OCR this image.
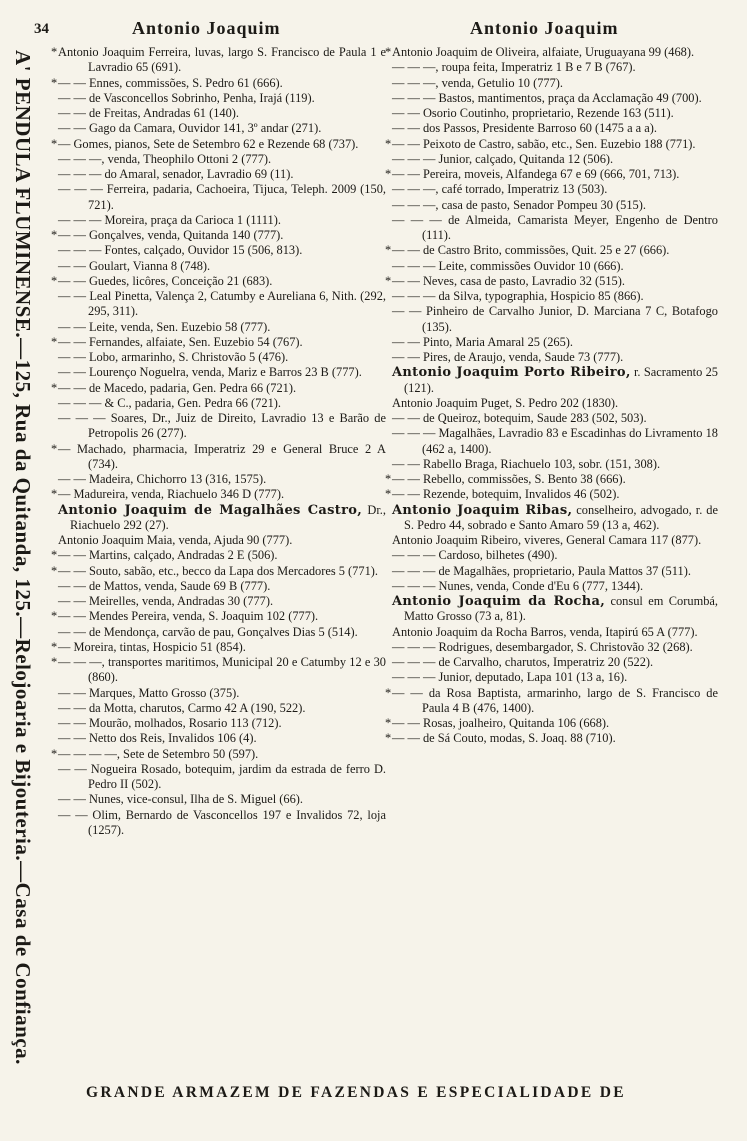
34	Antonio Joaquim	Antonio Joaquim
A' PENDULA FLUMINENSE.—125, Rua da Quitanda, 125.—Relojoaria e Bijouteria.—Casa de Confiança.
*	Antonio Joaquim Ferreira, luvas, largo S. Francisco de Paula 1 e Lavradio 65 (691).
* — — Ennes, commissões, S. Pedro 61 (666).
— — de Vasconcellos Sobrinho, Penha, Irajá (119).
— — de Freitas, Andradas 61 (140).
— — Gago da Camara, Ouvidor 141, 3º andar (271).
* — Gomes, pianos, Sete de Setembro 62 e Rezende 68 (737).
— — —, venda, Theophilo Ottoni 2 (777).
— — — do Amaral, senador, Lavradio 69 (11).
— — — Ferreira, padaria, Cachoeira, Tijuca, Teleph. 2009 (150, 721).
— — — Moreira, praça da Carioca 1 (1111).
* — — Gonçalves, venda, Quitanda 140 (777).
— — — Fontes, calçado, Ouvidor 15 (506, 813).
— — Goulart, Vianna 8 (748).
* — — Guedes, licôres, Conceição 21 (683).
— — Leal Pinetta, Valença 2, Catumby e Aureliana 6, Nith. (292, 295, 311).
— — Leite, venda, Sen. Euzebio 58 (777).
* — — Fernandes, alfaiate, Sen. Euzebio 54 (767).
— — Lobo, armarinho, S. Christovão 5 (476).
— — Lourenço Noguelra, venda, Mariz e Barros 23 B (777).
* — — de Macedo, padaria, Gen. Pedra 66 (721).
— — — & C., padaria, Gen. Pedra 66 (721).
— — — Soares, Dr., Juiz de Direito, Lavradio 13 e Barão de Petropolis 26 (277).
* — Machado, pharmacia, Imperatriz 29 e General Bruce 2 A (734).
— — Madeira, Chichorro 13 (316, 1575).
* — Madureira, venda, Riachuelo 346 D (777).
Antonio Joaquim de Magalhães Castro, Dr., Riachuelo 292 (27).
Antonio Joaquim Maia, venda, Ajuda 90 (777).
* — — Martins, calçado, Andradas 2 E (506).
* — — Souto, sabão, etc., becco da Lapa dos Mercadores 5 (771).
— — de Mattos, venda, Saude 69 B (777).
— — Meirelles, venda, Andradas 30 (777).
* — — Mendes Pereira, venda, S. Joaquim 102 (777).
— — de Mendonça, carvão de pau, Gonçalves Dias 5 (514).
* — Moreira, tintas, Hospicio 51 (854).
* — — —, transportes maritimos, Municipal 20 e Catumby 12 e 30 (860).
— — Marques, Matto Grosso (375).
— — da Motta, charutos, Carmo 42 A (190, 522).
— — Mourão, molhados, Rosario 113 (712).
— — Netto dos Reis, Invalidos 106 (4).
* — — — —, Sete de Setembro 50 (597).
— — Nogueira Rosado, botequim, jardim da estrada de ferro D. Pedro II (502).
— — Nunes, vice-consul, Ilha de S. Miguel (66).
— — Olim, Bernardo de Vasconcellos 197 e Invalidos 72, loja (1257).
* Antonio Joaquim de Oliveira, alfaiate, Uruguayana 99 (468).
— — —, roupa feita, Imperatriz 1 B e 7 B (767).
— — —, venda, Getulio 10 (777).
— — — Bastos, mantimentos, praça da Acclamação 49 (700).
— — Osorio Coutinho, proprietario, Rezende 163 (511).
— — dos Passos, Presidente Barroso 60 (1475 a a a).
* — — Peixoto de Castro, sabão, etc., Sen. Euzebio 188 (771).
— — — Junior, calçado, Quitanda 12 (506).
* — — Pereira, moveis, Alfandega 67 e 69 (666, 701, 713).
— — —, café torrado, Imperatriz 13 (503).
— — —, casa de pasto, Senador Pompeu 30 (515).
— — — de Almeida, Camarista Meyer, Engenho de Dentro (111).
* — — de Castro Brito, commissões, Quit. 25 e 27 (666).
— — — Leite, commissões Ouvidor 10 (666).
* — — Neves, casa de pasto, Lavradio 32 (515).
— — — da Silva, typographia, Hospicio 85 (866).
— — Pinheiro de Carvalho Junior, D. Marciana 7 C, Botafogo (135).
— — Pinto, Maria Amaral 25 (265).
— — Pires, de Araujo, venda, Saude 73 (777).
Antonio Joaquim Porto Ribeiro, r. Sacramento 25 (121).
Antonio Joaquim Puget, S. Pedro 202 (1830).
— — de Queiroz, botequim, Saude 283 (502, 503).
— — — Magalhães, Lavradio 83 e Escadinhas do Livramento 18 (462 a, 1400).
— — Rabello Braga, Riachuelo 103, sobr. (151, 308).
* — — Rebello, commissões, S. Bento 38 (666).
* — — Rezende, botequim, Invalidos 46 (502).
Antonio Joaquim Ribas, conselheiro, advogado, r. de S. Pedro 44, sobrado e Santo Amaro 59 (13 a, 462).
Antonio Joaquim Ribeiro, viveres, General Camara 117 (877).
— — — Cardoso, bilhetes (490).
— — — de Magalhães, proprietario, Paula Mattos 37 (511).
— — — Nunes, venda, Conde d'Eu 6 (777, 1344).
Antonio Joaquim da Rocha, consul em Corumbá, Matto Grosso (73 a, 81).
Antonio Joaquim da Rocha Barros, venda, Itapirú 65 A (777).
— — — Rodrigues, desembargador, S. Christovão 32 (268).
— — — de Carvalho, charutos, Imperatriz 20 (522).
— — — Junior, deputado, Lapa 101 (13 a, 16).
* — — da Rosa Baptista, armarinho, largo de S. Francisco de Paula 4 B (476, 1400).
* — — Rosas, joalheiro, Quitanda 106 (668).
* — — de Sá Couto, modas, S. Joaq. 88 (710).
GRANDE ARMAZEM DE FAZENDAS E ESPECIALIDADE DE
